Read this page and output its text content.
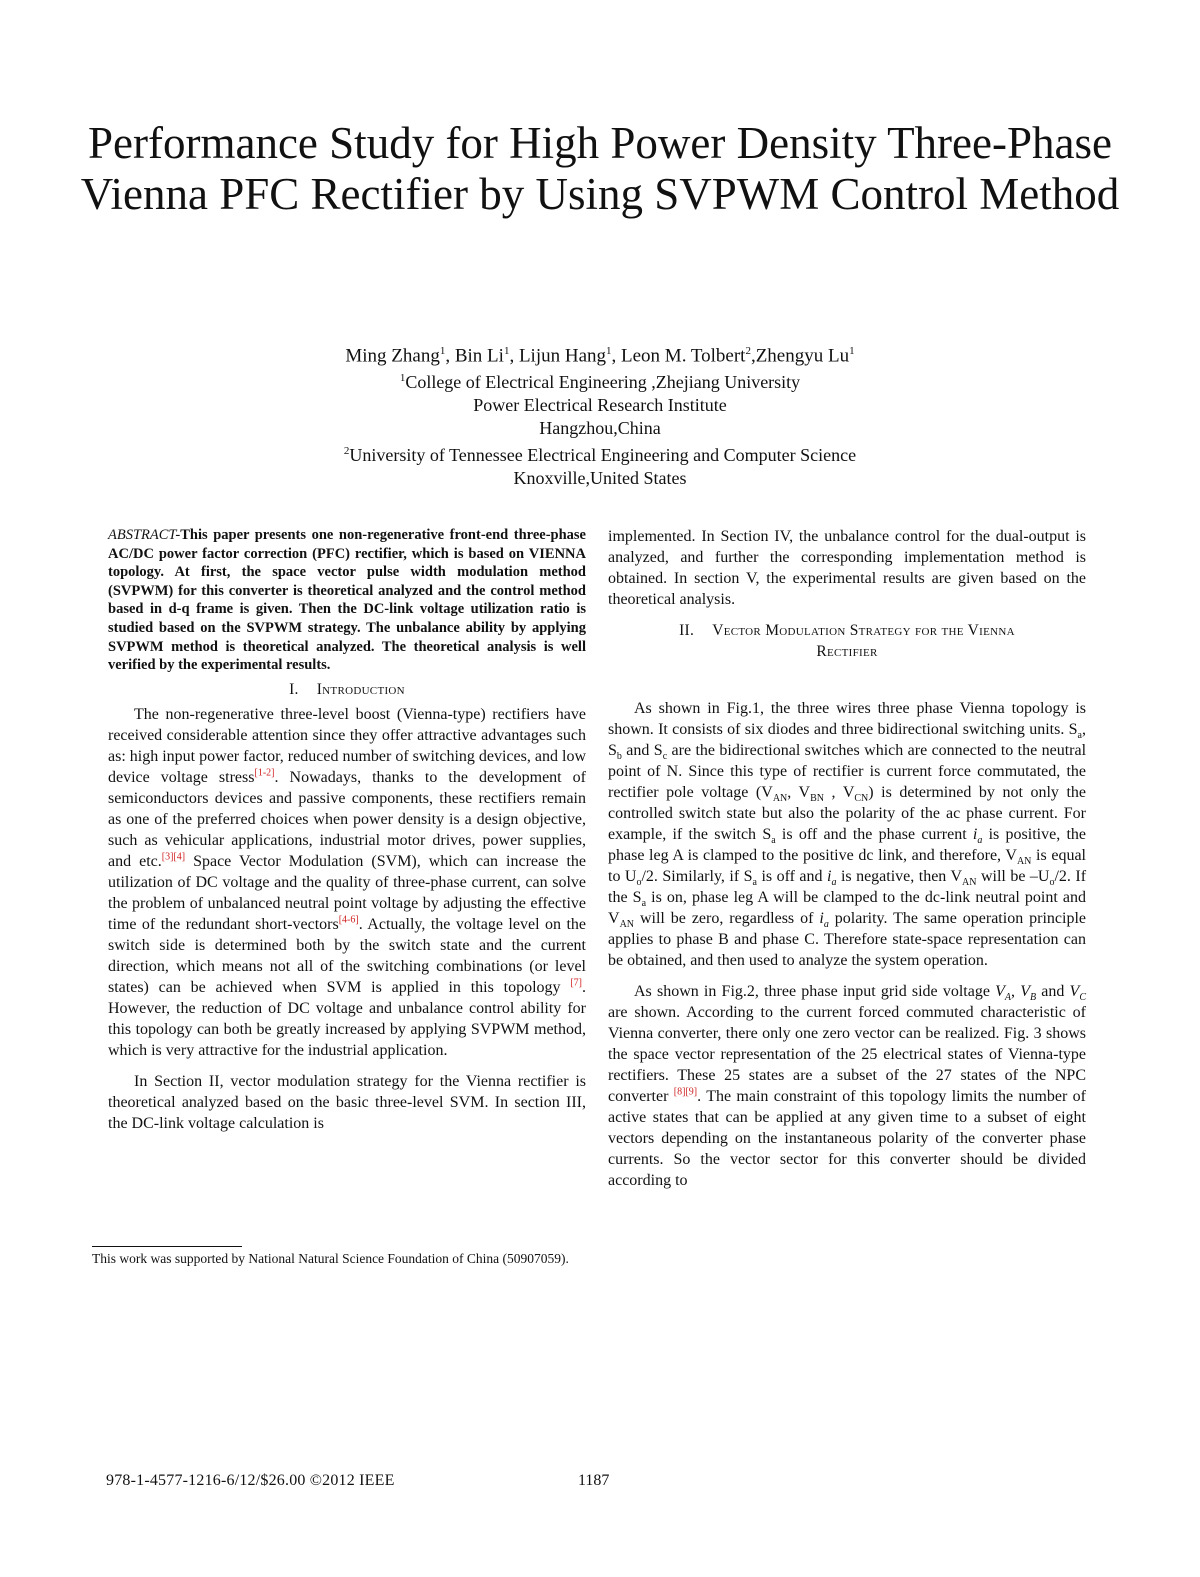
Performance Study for High Power Density Three-Phase Vienna PFC Rectifier by Using SVPWM Control Method
Ming Zhang$^1$, Bin Li$^1$, Lijun Hang$^1$, Leon M. Tolbert$^2$,Zhengyu Lu$^1$
$^1$College of Electrical Engineering ,Zhejiang University
Power Electrical Research Institute
Hangzhou,China
$^2$University of Tennessee Electrical Engineering and Computer Science
Knoxville,United States

ABSTRACT-This paper presents one non-regenerative front-end three-phase AC/DC power factor correction (PFC) rectifier, which is based on VIENNA topology. At first, the space vector pulse width modulation method (SVPWM) for this converter is theoretical analyzed and the control method based in d-q frame is given. Then the DC-link voltage utilization ratio is studied based on the SVPWM strategy. The unbalance ability by applying SVPWM method is theoretical analyzed. The theoretical analysis is well verified by the experimental results.

I. Introduction

The non-regenerative three-level boost (Vienna-type) rectifiers have received considerable attention since they offer attractive advantages such as: high input power factor, reduced number of switching devices, and low device voltage stress[1-2]. Nowadays, thanks to the development of semiconductors devices and passive components, these rectifiers remain as one of the preferred choices when power density is a design objective, such as vehicular applications, industrial motor drives, power supplies, and etc.[3][4] Space Vector Modulation (SVM), which can increase the utilization of DC voltage and the quality of three-phase current, can solve the problem of unbalanced neutral point voltage by adjusting the effective time of the redundant short-vectors[4-6]. Actually, the voltage level on the switch side is determined both by the switch state and the current direction, which means not all of the switching combinations (or level states) can be achieved when SVM is applied in this topology [7]. However, the reduction of DC voltage and unbalance control ability for this topology can both be greatly increased by applying SVPWM method, which is very attractive for the industrial application.

In Section II, vector modulation strategy for the Vienna rectifier is theoretical analyzed based on the basic three-level SVM. In section III, the DC-link voltage calculation is

This work was supported by National Natural Science Foundation of China (50907059).

implemented. In Section IV, the unbalance control for the dual-output is analyzed, and further the corresponding implementation method is obtained. In section V, the experimental results are given based on the theoretical analysis.

II. Vector Modulation Strategy for the Vienna

Rectifier

As shown in Fig.1, the three wires three phase Vienna topology is shown. It consists of six diodes and three bidirectional switching units. $S_a$, $S_b$ and $S_c$ are the bidirectional switches which are connected to the neutral point of N. Since this type of rectifier is current force commutated, the rectifier pole voltage ($V_{AN}$, $V_{BN}$ , $V_{CN}$) is determined by not only the controlled switch state but also the polarity of the ac phase current. For example, if the switch $S_a$ is off and the phase current $i_a$ is positive, the phase leg A is clamped to the positive dc link, and therefore, $V_{AN}$ is equal to $U_o/2$. Similarly, if $S_a$ is off and $i_a$ is negative, then $V_{AN}$ will be $-U_o/2$. If the $S_a$ is on, phase leg A will be clamped to the dc-link neutral point and $V_{AN}$ will be zero, regardless of $i_a$ polarity. The same operation principle applies to phase B and phase C. Therefore state-space representation can be obtained, and then used to analyze the system operation.

As shown in Fig.2, three phase input grid side voltage $V_A$, $V_B$ and $V_C$ are shown. According to the current forced commuted characteristic of Vienna converter, there only one zero vector can be realized. Fig. 3 shows the space vector representation of the 25 electrical states of Vienna-type rectifiers. These 25 states are a subset of the 27 states of the NPC converter [8][9]. The main constraint of this topology limits the number of active states that can be applied at any given time to a subset of eight vectors depending on the instantaneous polarity of the converter phase currents. So the vector sector for this converter should be divided according to

978-1-4577-1216-6/12/$26.00 ©2012 IEEE	1187
